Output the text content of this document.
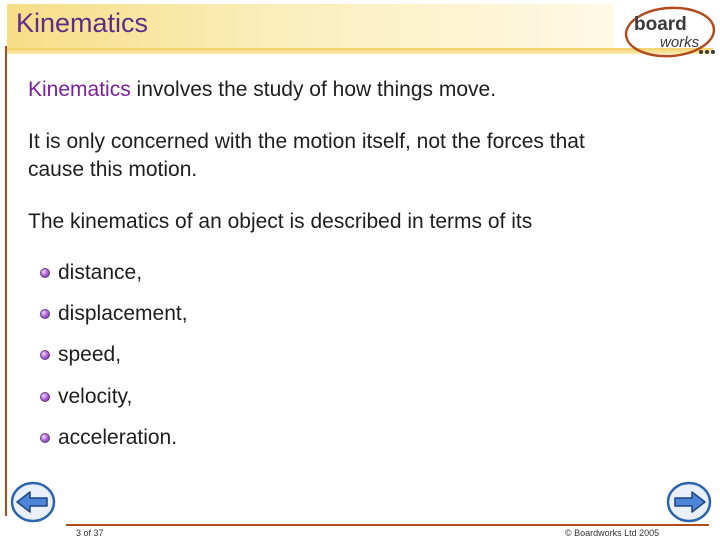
Kinematics	board
works

Kinematics involves the study of how things move.

It is only concerned with the motion itself, not the forces that
cause this motion.

The kinematics of an object is described in terms of its

distance,
displacement,
speed,
velocity,
acceleration.
3 of 37	© Boardworks Ltd 2005
